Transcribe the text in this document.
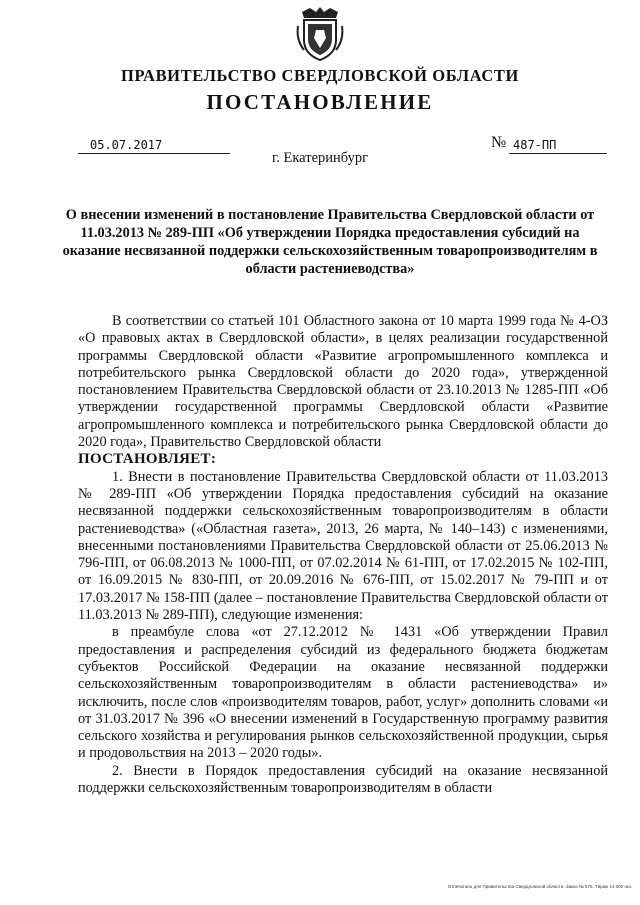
ПРАВИТЕЛЬСТВО СВЕРДЛОВСКОЙ ОБЛАСТИ
ПОСТАНОВЛЕНИЕ
05.07.2017	№ 487-ПП
г. Екатеринбург
О внесении изменений в постановление Правительства Свердловской области от 11.03.2013 № 289-ПП «Об утверждении Порядка предоставления субсидий на оказание несвязанной поддержки сельскохозяйственным товаропроизводителям в области растениеводства»

В соответствии со статьей 101 Областного закона от 10 марта 1999 года № 4-ОЗ «О правовых актах в Свердловской области», в целях реализации государственной программы Свердловской области «Развитие агропромышленного комплекса и потребительского рынка Свердловской области до 2020 года», утвержденной постановлением Правительства Свердловской области от 23.10.2013 № 1285-ПП «Об утверждении государственной программы Свердловской области «Развитие агропромышленного комплекса и потребительского рынка Свердловской области до 2020 года», Правительство Свердловской области

ПОСТАНОВЛЯЕТ:

1. Внести в постановление Правительства Свердловской области от 11.03.2013 № 289-ПП «Об утверждении Порядка предоставления субсидий на оказание несвязанной поддержки сельскохозяйственным товаропроизводителям в области растениеводства» («Областная газета», 2013, 26 марта, № 140–143) с изменениями, внесенными постановлениями Правительства Свердловской области от 25.06.2013 № 796-ПП, от 06.08.2013 № 1000-ПП, от 07.02.2014 № 61-ПП, от 17.02.2015 № 102-ПП, от 16.09.2015 № 830-ПП, от 20.09.2016 № 676-ПП, от 15.02.2017 № 79-ПП и от 17.03.2017 № 158-ПП (далее – постановление Правительства Свердловской области от 11.03.2013 № 289-ПП), следующие изменения:

в преамбуле слова «от 27.12.2012 № 1431 «Об утверждении Правил предоставления и распределения субсидий из федерального бюджета бюджетам субъектов Российской Федерации на оказание несвязанной поддержки сельскохозяйственным товаропроизводителям в области растениеводства» и» исключить, после слов «производителям товаров, работ, услуг» дополнить словами «и от 31.03.2017 № 396 «О внесении изменений в Государственную программу развития сельского хозяйства и регулирования рынков сельскохозяйственной продукции, сырья и продовольствия на 2013 – 2020 годы».

2. Внести в Порядок предоставления субсидий на оказание несвязанной поддержки сельскохозяйственным товаропроизводителям в области

Отпечатано для Правительства Свердловской области. Заказ № 575. Тираж 14 000 экз.
